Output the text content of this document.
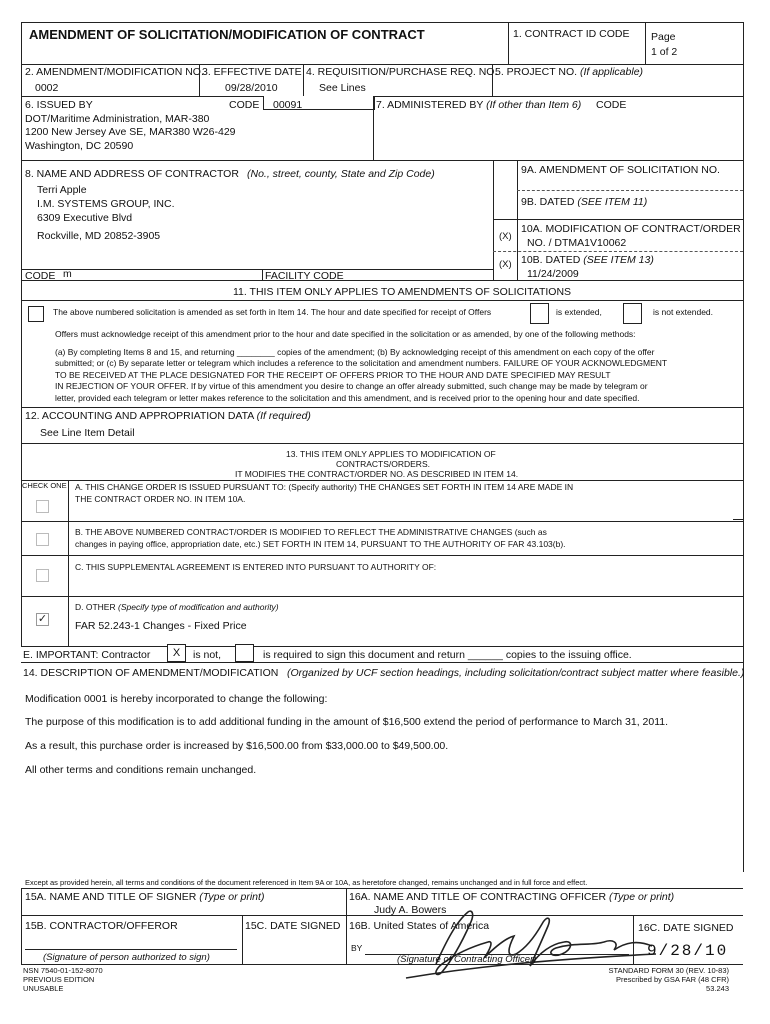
AMENDMENT OF SOLICITATION/MODIFICATION OF CONTRACT	1. CONTRACT ID CODE Page
1 of 2
2. AMENDMENT/MODIFICATION NO.
0002
3. EFFECTIVE DATE
09/28/2010
4. REQUISITION/PURCHASE REQ. NO.
See Lines
5. PROJECT NO. (If applicable)
6. ISSUED BY	CODE 00091
DOT/Maritime Administration, MAR-380
1200 New Jersey Ave SE, MAR380 W26-429
Washington, DC 20590
7. ADMINISTERED BY (If other than Item 6) CODE
8. NAME AND ADDRESS OF CONTRACTOR (No., street, county, State and Zip Code)
Terri Apple
I.M. SYSTEMS GROUP, INC.
6309 Executive Blvd
Rockville, MD 20852-3905
CODE m	FACILITY CODE
9A. AMENDMENT OF SOLICITATION NO.
9B. DATED (SEE ITEM 11)
(X)
10A. MODIFICATION OF CONTRACT/ORDER
NO. / DTMA1V10062
(X) 10B. DATED (SEE ITEM 13)
11/24/2009
11. THIS ITEM ONLY APPLIES TO AMENDMENTS OF SOLICITATIONS
The above numbered solicitation is amended as set forth in Item 14. The hour and date specified for receipt of Offers	is extended,	is not extended.
Offers must acknowledge receipt of this amendment prior to the hour and date specified in the solicitation or as amended, by one of the following methods:
(a) By completing Items 8 and 15, and returning ________ copies of the amendment; (b) By acknowledging receipt of this amendment on each copy of the offer
submitted; or (c) By separate letter or telegram which includes a reference to the solicitation and amendment numbers. FAILURE OF YOUR ACKNOWLEDGMENT
TO BE RECEIVED AT THE PLACE DESIGNATED FOR THE RECEIPT OF OFFERS PRIOR TO THE HOUR AND DATE SPECIFIED MAY RESULT
IN REJECTION OF YOUR OFFER. If by virtue of this amendment you desire to change an offer already submitted, such change may be made by telegram or
letter, provided each telegram or letter makes reference to the solicitation and this amendment, and is received prior to the opening hour and date specified.
12. ACCOUNTING AND APPROPRIATION DATA (If required)
See Line Item Detail
13. THIS ITEM ONLY APPLIES TO MODIFICATION OF
CONTRACTS/ORDERS.
IT MODIFIES THE CONTRACT/ORDER NO. AS DESCRIBED IN ITEM 14.
CHECK ONE A. THIS CHANGE ORDER IS ISSUED PURSUANT TO: (Specify authority) THE CHANGES SET FORTH IN ITEM 14 ARE MADE IN
THE CONTRACT ORDER NO. IN ITEM 10A.
B. THE ABOVE NUMBERED CONTRACT/ORDER IS MODIFIED TO REFLECT THE ADMINISTRATIVE CHANGES (such as
changes in paying office, appropriation date, etc.) SET FORTH IN ITEM 14, PURSUANT TO THE AUTHORITY OF FAR 43.103(b).
C. THIS SUPPLEMENTAL AGREEMENT IS ENTERED INTO PURSUANT TO AUTHORITY OF:
✓
D. OTHER (Specify type of modification and authority)
FAR 52.243-1 Changes - Fixed Price
E. IMPORTANT: Contractor	X	is not,	is required to sign this document and return ______ copies to the issuing office.
14. DESCRIPTION OF AMENDMENT/MODIFICATION (Organized by UCF section headings, including solicitation/contract subject matter where feasible.)
Modification 0001 is hereby incorporated to change the following:
The purpose of this modification is to add additional funding in the amount of $16,500 extend the period of performance to March 31, 2011.
As a result, this purchase order is increased by $16,500.00 from $33,000.00 to $49,500.00.
All other terms and conditions remain unchanged.
Except as provided herein, all terms and conditions of the document referenced in Item 9A or 10A, as heretofore changed, remains unchanged and in full force and effect.
15A. NAME AND TITLE OF SIGNER (Type or print)	16A. NAME AND TITLE OF CONTRACTING OFFICER (Type or print)
Judy A. Bowers
15B. CONTRACTOR/OFFEROR	15C. DATE SIGNED 16B. United States of America	16C. DATE SIGNED
BY	9/28/10
(Signature of person authorized to sign)	(Signature of Contracting Officer)
NSN 7540-01-152-8070
PREVIOUS EDITION
UNUSABLE
STANDARD FORM 30 (REV. 10-83)
Prescribed by GSA FAR (48 CFR)
53.243
